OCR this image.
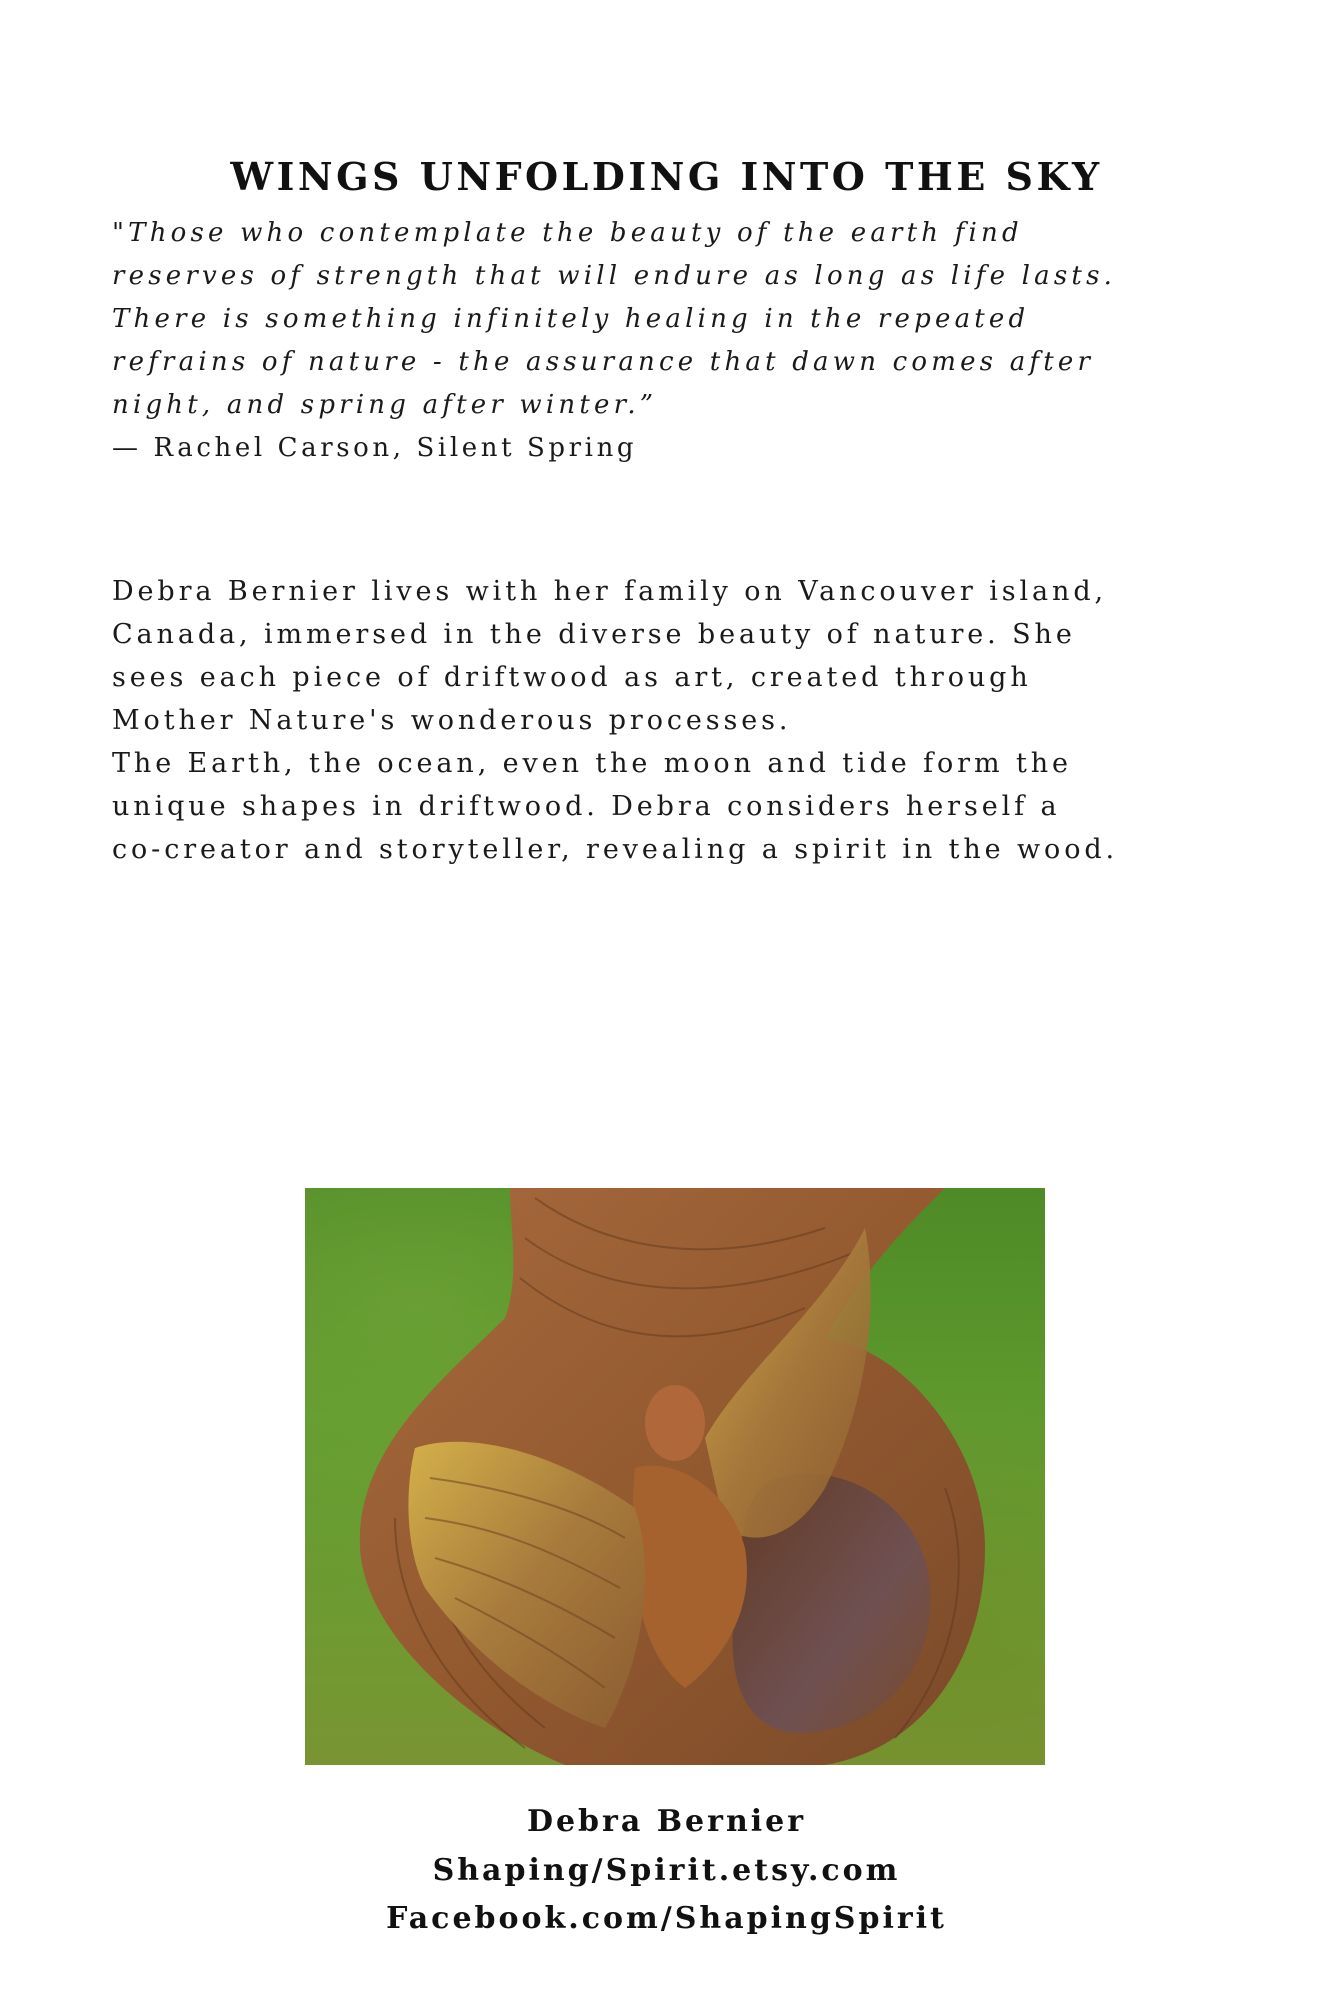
WINGS UNFOLDING INTO THE SKY
"Those who contemplate the beauty of the earth find
reserves of strength that will endure as long as life lasts.
There is something infinitely healing in the repeated
refrains of nature - the assurance that dawn comes after
night, and spring after winter.”
— Rachel Carson, Silent Spring
Debra Bernier lives with her family on Vancouver island,
Canada, immersed in the diverse beauty of nature. She
sees each piece of driftwood as art, created through
Mother Nature's wonderous processes.
The Earth, the ocean, even the moon and tide form the
unique shapes in driftwood. Debra considers herself a
co-creator and storyteller, revealing a spirit in the wood.
Debra Bernier
Shaping/Spirit.etsy.com
Facebook.com/ShapingSpirit
